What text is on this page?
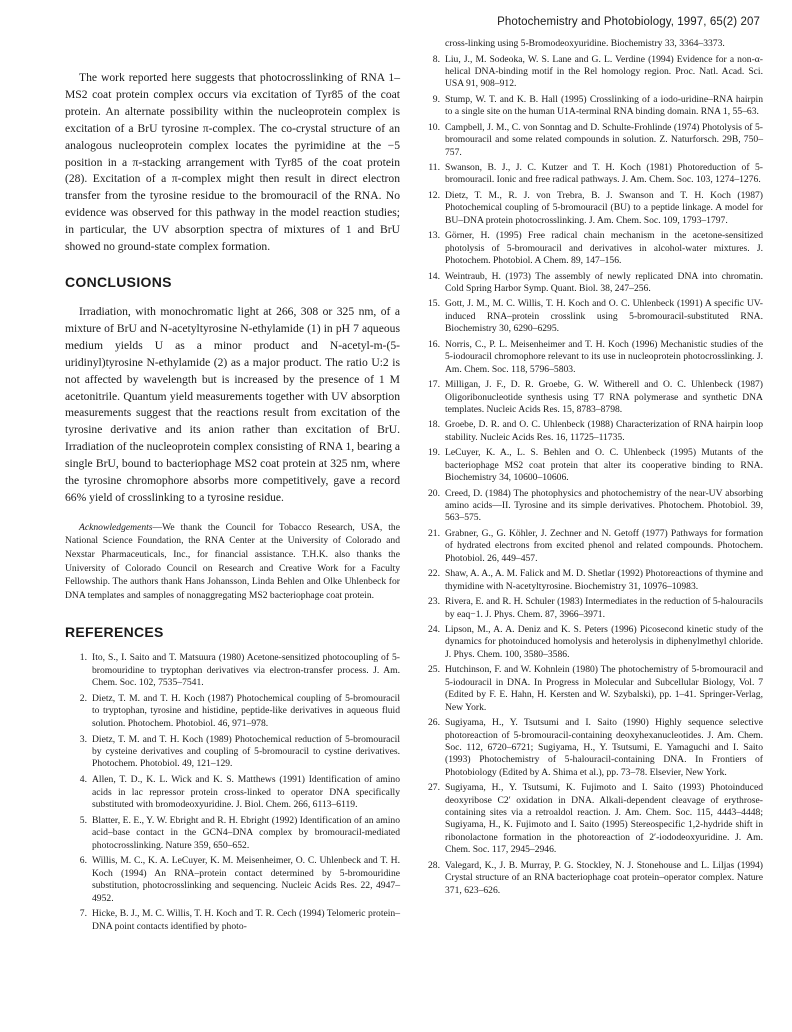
Photochemistry and Photobiology, 1997, 65(2) 207

The work reported here suggests that photocrosslinking of RNA 1–MS2 coat protein complex occurs via excitation of Tyr85 of the coat protein. An alternate possibility within the nucleoprotein complex is excitation of a BrU tyrosine π-complex. The co-crystal structure of an analogous nucleoprotein complex locates the pyrimidine at the −5 position in a π-stacking arrangement with Tyr85 of the coat protein (28). Excitation of a π-complex might then result in direct electron transfer from the tyrosine residue to the bromouracil of the RNA. No evidence was observed for this pathway in the model reaction studies; in particular, the UV absorption spectra of mixtures of 1 and BrU showed no ground-state complex formation.

CONCLUSIONS

Irradiation, with monochromatic light at 266, 308 or 325 nm, of a mixture of BrU and N-acetyltyrosine N-ethylamide (1) in pH 7 aqueous medium yields U as a minor product and N-acetyl-m-(5-uridinyl)tyrosine N-ethylamide (2) as a major product. The ratio U:2 is not affected by wavelength but is increased by the presence of 1 M acetonitrile. Quantum yield measurements together with UV absorption measurements suggest that the reactions result from excitation of the tyrosine derivative and its anion rather than excitation of BrU. Irradiation of the nucleoprotein complex consisting of RNA 1, bearing a single BrU, bound to bacteriophage MS2 coat protein at 325 nm, where the tyrosine chromophore absorbs more competitively, gave a record 66% yield of crosslinking to a tyrosine residue.

Acknowledgements—We thank the Council for Tobacco Research, USA, the National Science Foundation, the RNA Center at the University of Colorado and Nexstar Pharmaceuticals, Inc., for financial assistance. T.H.K. also thanks the University of Colorado Council on Research and Creative Work for a Faculty Fellowship. The authors thank Hans Johansson, Linda Behlen and Olke Uhlenbeck for DNA templates and samples of nonaggregating MS2 bacteriophage coat protein.

REFERENCES
1. Ito, S., I. Saito and T. Matsuura (1980) Acetone-sensitized photocoupling of 5-bromouridine to tryptophan derivatives via electron-transfer process. J. Am. Chem. Soc. 102, 7535–7541.
2. Dietz, T. M. and T. H. Koch (1987) Photochemical coupling of 5-bromouracil to tryptophan, tyrosine and histidine, peptide-like derivatives in aqueous fluid solution. Photochem. Photobiol. 46, 971–978.
3. Dietz, T. M. and T. H. Koch (1989) Photochemical reduction of 5-bromouracil by cysteine derivatives and coupling of 5-bromouracil to cystine derivatives. Photochem. Photobiol. 49, 121–129.
4. Allen, T. D., K. L. Wick and K. S. Matthews (1991) Identification of amino acids in lac repressor protein cross-linked to operator DNA specifically substituted with bromodeoxyuridine. J. Biol. Chem. 266, 6113–6119.
5. Blatter, E. E., Y. W. Ebright and R. H. Ebright (1992) Identification of an amino acid–base contact in the GCN4–DNA complex by bromouracil-mediated photocrosslinking. Nature 359, 650–652.
6. Willis, M. C., K. A. LeCuyer, K. M. Meisenheimer, O. C. Uhlenbeck and T. H. Koch (1994) An RNA–protein contact determined by 5-bromouridine substitution, photocrosslinking and sequencing. Nucleic Acids Res. 22, 4947–4952.
7. Hicke, B. J., M. C. Willis, T. H. Koch and T. R. Cech (1994) Telomeric protein–DNA point contacts identified by photo-
cross-linking using 5-Bromodeoxyuridine. Biochemistry 33, 3364–3373.
8. Liu, J., M. Sodeoka, W. S. Lane and G. L. Verdine (1994) Evidence for a non-α-helical DNA-binding motif in the Rel homology region. Proc. Natl. Acad. Sci. USA 91, 908–912.
9. Stump, W. T. and K. B. Hall (1995) Crosslinking of a iodo-uridine–RNA hairpin to a single site on the human U1A-terminal RNA binding domain. RNA 1, 55–63.
10. Campbell, J. M., C. von Sonntag and D. Schulte-Frohlinde (1974) Photolysis of 5-bromouracil and some related compounds in solution. Z. Naturforsch. 29B, 750–757.
11. Swanson, B. J., J. C. Kutzer and T. H. Koch (1981) Photoreduction of 5-bromouracil. Ionic and free radical pathways. J. Am. Chem. Soc. 103, 1274–1276.
12. Dietz, T. M., R. J. von Trebra, B. J. Swanson and T. H. Koch (1987) Photochemical coupling of 5-bromouracil (BU) to a peptide linkage. A model for BU–DNA protein photocrosslinking. J. Am. Chem. Soc. 109, 1793–1797.
13. Görner, H. (1995) Free radical chain mechanism in the acetone-sensitized photolysis of 5-bromouracil and derivatives in alcohol-water mixtures. J. Photochem. Photobiol. A Chem. 89, 147–156.
14. Weintraub, H. (1973) The assembly of newly replicated DNA into chromatin. Cold Spring Harbor Symp. Quant. Biol. 38, 247–256.
15. Gott, J. M., M. C. Willis, T. H. Koch and O. C. Uhlenbeck (1991) A specific UV-induced RNA–protein crosslink using 5-bromouracil-substituted RNA. Biochemistry 30, 6290–6295.
16. Norris, C., P. L. Meisenheimer and T. H. Koch (1996) Mechanistic studies of the 5-iodouracil chromophore relevant to its use in nucleoprotein photocrosslinking. J. Am. Chem. Soc. 118, 5796–5803.
17. Milligan, J. F., D. R. Groebe, G. W. Witherell and O. C. Uhlenbeck (1987) Oligoribonucleotide synthesis using T7 RNA polymerase and synthetic DNA templates. Nucleic Acids Res. 15, 8783–8798.
18. Groebe, D. R. and O. C. Uhlenbeck (1988) Characterization of RNA hairpin loop stability. Nucleic Acids Res. 16, 11725–11735.
19. LeCuyer, K. A., L. S. Behlen and O. C. Uhlenbeck (1995) Mutants of the bacteriophage MS2 coat protein that alter its cooperative binding to RNA. Biochemistry 34, 10600–10606.
20. Creed, D. (1984) The photophysics and photochemistry of the near-UV absorbing amino acids—II. Tyrosine and its simple derivatives. Photochem. Photobiol. 39, 563–575.
21. Grabner, G., G. Köhler, J. Zechner and N. Getoff (1977) Pathways for formation of hydrated electrons from excited phenol and related compounds. Photochem. Photobiol. 26, 449–457.
22. Shaw, A. A., A. M. Falick and M. D. Shetlar (1992) Photoreactions of thymine and thymidine with N-acetyltyrosine. Biochemistry 31, 10976–10983.
23. Rivera, E. and R. H. Schuler (1983) Intermediates in the reduction of 5-halouracils by eaq−1. J. Phys. Chem. 87, 3966–3971.
24. Lipson, M., A. A. Deniz and K. S. Peters (1996) Picosecond kinetic study of the dynamics for photoinduced homolysis and heterolysis in diphenylmethyl chloride. J. Phys. Chem. 100, 3580–3586.
25. Hutchinson, F. and W. Kohnlein (1980) The photochemistry of 5-bromouracil and 5-iodouracil in DNA. In Progress in Molecular and Subcellular Biology, Vol. 7 (Edited by F. E. Hahn, H. Kersten and W. Szybalski), pp. 1–41. Springer-Verlag, New York.
26. Sugiyama, H., Y. Tsutsumi and I. Saito (1990) Highly sequence selective photoreaction of 5-bromouracil-containing deoxyhexanucleotides. J. Am. Chem. Soc. 112, 6720–6721; Sugiyama, H., Y. Tsutsumi, E. Yamaguchi and I. Saito (1993) Photochemistry of 5-halouracil-containing DNA. In Frontiers of Photobiology (Edited by A. Shima et al.), pp. 73–78. Elsevier, New York.
27. Sugiyama, H., Y. Tsutsumi, K. Fujimoto and I. Saito (1993) Photoinduced deoxyribose C2′ oxidation in DNA. Alkali-dependent cleavage of erythrose-containing sites via a retroaldol reaction. J. Am. Chem. Soc. 115, 4443–4448; Sugiyama, H., K. Fujimoto and I. Saito (1995) Stereospecific 1,2-hydride shift in ribonolactone formation in the photoreaction of 2′-iododeoxyuridine. J. Am. Chem. Soc. 117, 2945–2946.
28. Valegard, K., J. B. Murray, P. G. Stockley, N. J. Stonehouse and L. Liljas (1994) Crystal structure of an RNA bacteriophage coat protein–operator complex. Nature 371, 623–626.
